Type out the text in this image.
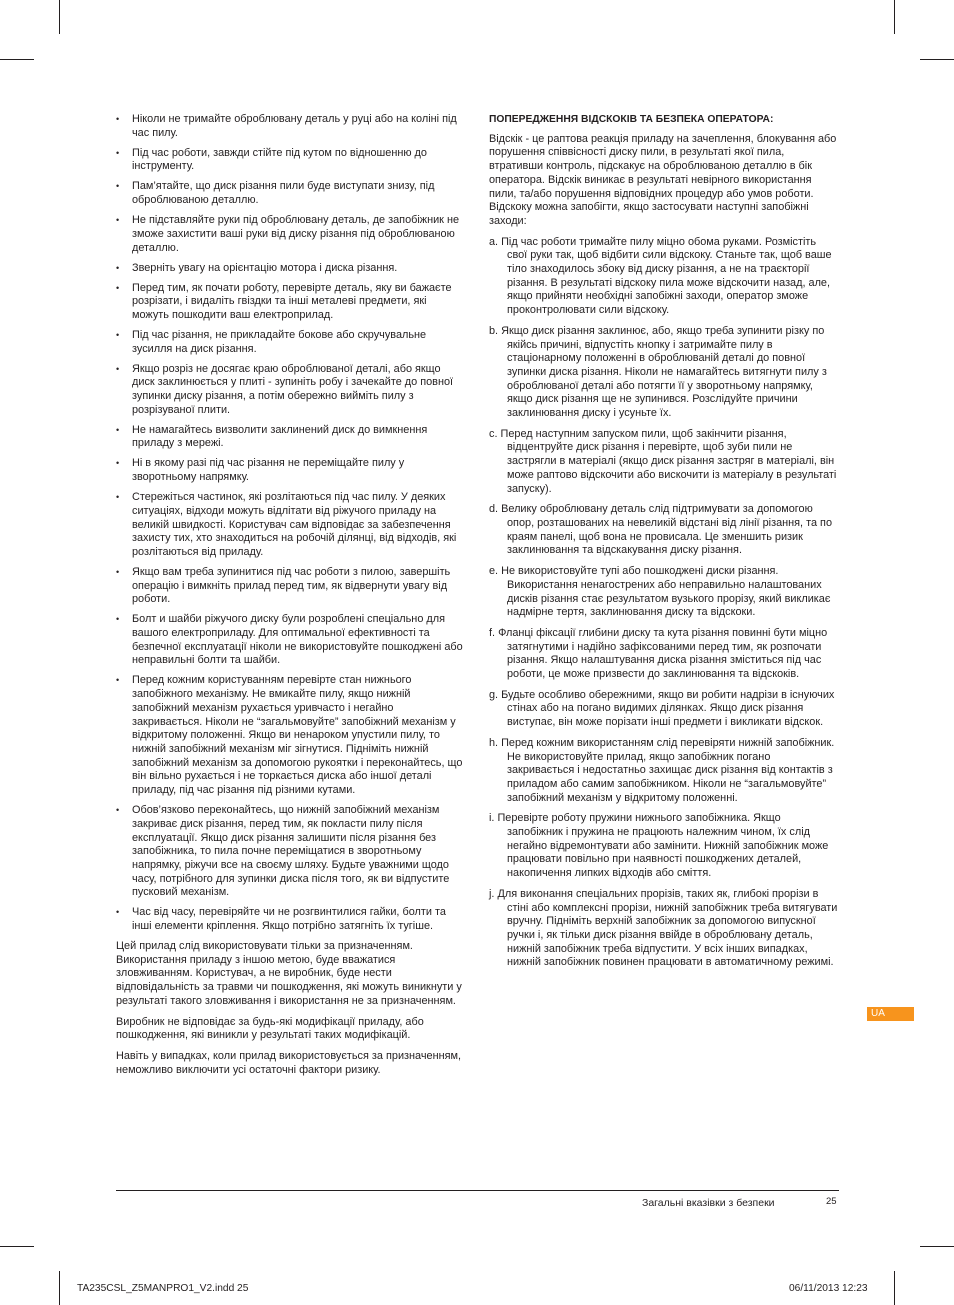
• Ніколи не тримайте оброблювану деталь у руці або на коліні під час пилу.
• Під час роботи, завжди стійте під кутом по відношенню до інструменту.
• Пам’ятайте, що диск різання пили буде виступати знизу, під оброблюваною деталлю.
• Не підставляйте руки під оброблювану деталь, де запобіжник не зможе захистити ваші руки від диску різання під оброблюваною деталлю.
• Зверніть увагу на орієнтацію мотора і диска різання.
• Перед тим, як почати роботу, перевірте деталь, яку ви бажаєте розрізати, і видаліть гвіздки та інші металеві предмети, які можуть пошкодити ваш електроприлад.
• Під час різання, не прикладайте бокове або скручувальне зусилля на диск різання.
• Якщо розріз не досягає краю оброблюваної деталі, або якщо диск заклинюється у плиті - зупиніть робу і зачекайте до повної зупинки диску різання, а потім обережно вийміть пилу з розрізуваної плити.
• Не намагайтесь визволити заклинений диск до вимкнення приладу з мережі.
• Ні в якому разі під час різання не переміщайте пилу у зворотньому напрямку.
• Стережіться частинок, які розлітаються під час пилу. У деяких ситуаціях, відходи можуть відлітати від ріжучого приладу на великій швидкості. Користувач сам відповідає за забезпечення захисту тих, хто знаходиться на робочій ділянці, від відходів, які розлітаються від приладу.
• Якщо вам треба зупинитися під час роботи з пилою, завершіть операцію і вимкніть прилад перед тим, як відвернути увагу від роботи.
• Болт и шайби ріжучого диску були розроблені спеціально для вашого електроприладу. Для оптимальної ефективності та безпечної експлуатації ніколи не використовуйте пошкоджені або неправильні болти та шайби.
• Перед кожним користуванням перевірте стан нижнього запобіжного механізму. Не вмикайте пилу, якщо нижній запобіжний механізм рухається уривчасто і негайно закривається. Ніколи не “загальмовуйте” запобіжний механізм у відкритому положенні. Якщо ви ненароком упустили пилу, то нижній запобіжний механізм міг зігнутися. Підніміть нижній запобіжний механізм за допомогою рукоятки і переконайтесь, що він вільно рухається і не торкається диска або іншої деталі приладу, під час різання під різними кутами.
• Обов’язково переконайтесь, що нижній запобіжний механізм закриває диск різання, перед тим, як покласти пилу після експлуатації. Якщо диск різання залишити після різання без запобіжника, то пила почне переміщатися в зворотньому напрямку, ріжучи все на своєму шляху. Будьте уважними щодо часу, потрібного для зупинки диска після того, як ви відпустите пусковий механізм.
• Час від часу, перевіряйте чи не розгвинтилися гайки, болти та інші елементи кріплення. Якщо потрібно затягніть їх тугіше.

Цей прилад слід використовувати тільки за призначенням. Використання приладу з іншою метою, буде вважатися зловживанням. Користувач, а не виробник, буде нести відповідальність за травми чи пошкодження, які можуть виникнути у результаті такого зловживання і використання не за призначенням.

Виробник не відповідає за будь-які модифікації приладу, або пошкодження, які виникли у результаті таких модифікацій.

Навіть у випадках, коли прилад використовується за призначенням, неможливо виключити усі остаточні фактори ризику.

ПОПЕРЕДЖЕННЯ ВІДСКОКІВ ТА БЕЗПЕКА ОПЕРАТОРА:

Відскік - це раптова реакція приладу на зачеплення, блокування або порушення співвісності диску пили, в результаті якої пила, втративши контроль, підскакує на оброблюваною деталлю в бік оператора. Відскік виникає в результаті невірного використання пили, та/або порушення відповідних процедур або умов роботи. Відскоку можна запобігти, якщо застосувати наступні запобіжні заходи:

a. Під час роботи тримайте пилу міцно обома руками. Розмістіть свої руки так, щоб відбити сили відскоку. Станьте так, щоб ваше тіло знаходилось збоку від диску різання, а не на траєкторії різання. В результаті відскоку пила може відскочити назад, але, якщо прийняти необхідні запобіжні заходи, оператор зможе проконтролювати сили відскоку.
b. Якщо диск різання заклинює, або, якщо треба зупинити різку по якійсь причині, відпустіть кнопку і затримайте пилу в стаціонарному положенні в оброблюваній деталі до повної зупинки диска різання. Ніколи не намагайтесь витягнути пилу з оброблюваної деталі або потягти її у зворотньому напрямку, якщо диск різання ще не зупинився. Розслідуйте причини заклинювання диску і усуньте їх.
c. Перед наступним запуском пили, щоб закінчити різання, відцентруйте диск різання і перевірте, щоб зуби пили не застрягли в матеріалі (якщо диск різання застряг в матеріалі, він може раптово відскочити або вискочити із матеріалу в результаті запуску).
d. Велику оброблювану деталь слід підтримувати за допомогою опор, розташованих на невеликій відстані від лінії різання, та по краям панелі, щоб вона не провисала. Це зменшить ризик заклинювання та відскакування диску різання.
e. Не використовуйте тупі або пошкоджені диски різання. Використання ненагострених або неправильно налаштованих дисків різання стає результатом вузького прорізу, який викликає надмірне тертя, заклинювання диску та відскоки.
f. Фланці фіксації глибини диску та кута різання повинні бути міцно затягнутими і надійно зафіксованими перед тим, як розпочати різання. Якщо налаштування диска різання зміститься під час роботи, це може призвести до заклинювання та відскоків.
g. Будьте особливо обережними, якщо ви робити надрізи в існуючих стінах або на погано видимих ділянках. Якщо диск різання виступає, він може порізати інші предмети і викликати відскок.
h. Перед кожним використанням слід перевіряти нижній запобіжник. Не використовуйте прилад, якщо запобіжник погано закривається і недостатньо захищає диск різання від контактів з приладом або самим запобіжником. Ніколи не “загальмовуйте” запобіжний механізм у відкритому положенні.
i. Перевірте роботу пружини нижнього запобіжника. Якщо запобіжник і пружина не працюють належним чином, їх слід негайно відремонтувати або замінити. Нижній запобіжник може працювати повільно при наявності пошкоджених деталей, накопичення липких відходів або сміття.
j. Для виконання спеціальних прорізів, таких як, глибокі прорізи в стіні або комплексні прорізи, нижній запобіжник треба витягувати вручну. Підніміть верхній запобіжник за допомогою випускної ручки і, як тільки диск різання ввійде в оброблювану деталь, нижній запобіжник треба відпустити. У всіх інших випадках, нижній запобіжник повинен працювати в автоматичному режимі.
UA
Загальні вказівки з безпеки	25
TA235CSL_Z5MANPRO1_V2.indd 25	06/11/2013 12:23
